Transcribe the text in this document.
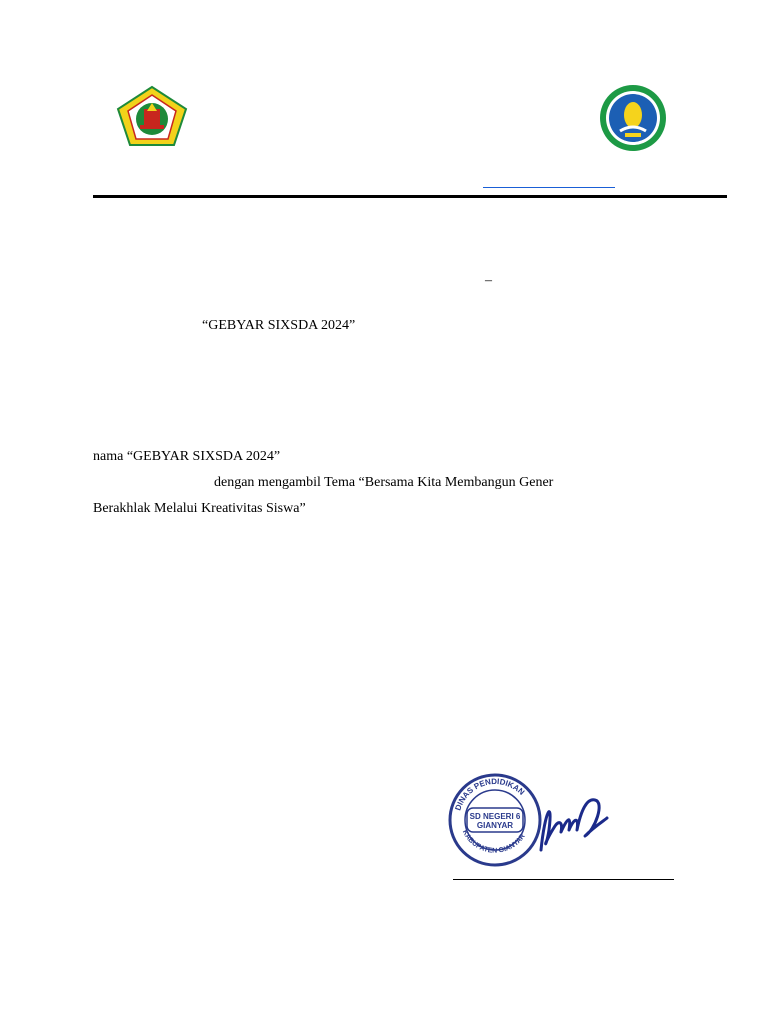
–
“GEBYAR SIXSDA 2024”
nama “GEBYAR SIXSDA 2024”
dengan mengambil Tema “Bersama Kita Membangun Gener
Berakhlak Melalui Kreativitas Siswa”
SD NEGERI 6
GIANYAR
DINAS PENDIDIKAN
KABUPATEN GIANYAR
